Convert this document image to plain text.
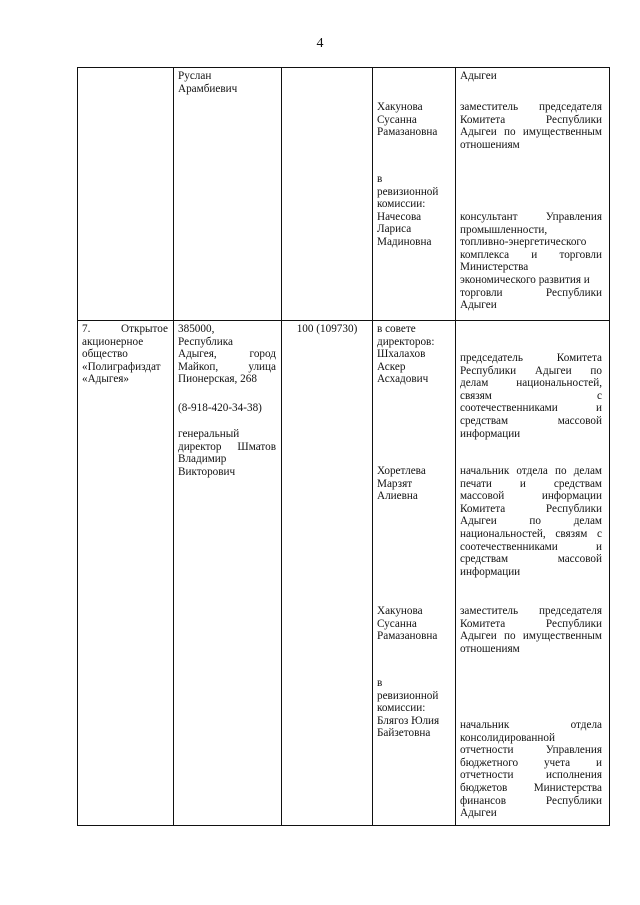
4

Руслан

Арамбиевич

Адыгеи

Хакунова

Сусанна

Рамазановна

заместитель председателя

Комитета Республики

Адыгеи по имущественным

отношениям

в

ревизионной

комиссии:

Начесова

Лариса

Мадиновна

консультант Управления

промышленности,

топливно-энергетического

комплекса и торговли

Министерства

экономического развития и

торговли Республики

Адыгеи

7. Открытое

акционерное

общество

«Полиграфиздат

«Адыгея»

385000,

Республика

Адыгея, город

Майкоп, улица

Пионерская, 268

(8-918-420-34-38)

генеральный

директор Шматов

Владимир

Викторович

100 (109730)	в совете

директоров:

Шхалахов

Аскер

Асхадович

председатель Комитета

Республики Адыгеи по

делам национальностей,

связям с

соотечественниками и

средствам массовой

информации

Хоретлева

Марзят

Алиевна

начальник отдела по делам

печати и средствам

массовой информации

Комитета Республики

Адыгеи по делам

национальностей, связям с

соотечественниками и

средствам массовой

информации

Хакунова

Сусанна

Рамазановна

заместитель председателя

Комитета Республики

Адыгеи по имущественным

отношениям

в

ревизионной

комиссии:

Блягоз Юлия

Байзетовна

начальник отдела

консолидированной

отчетности Управления

бюджетного учета и

отчетности исполнения

бюджетов Министерства

финансов Республики

Адыгеи
